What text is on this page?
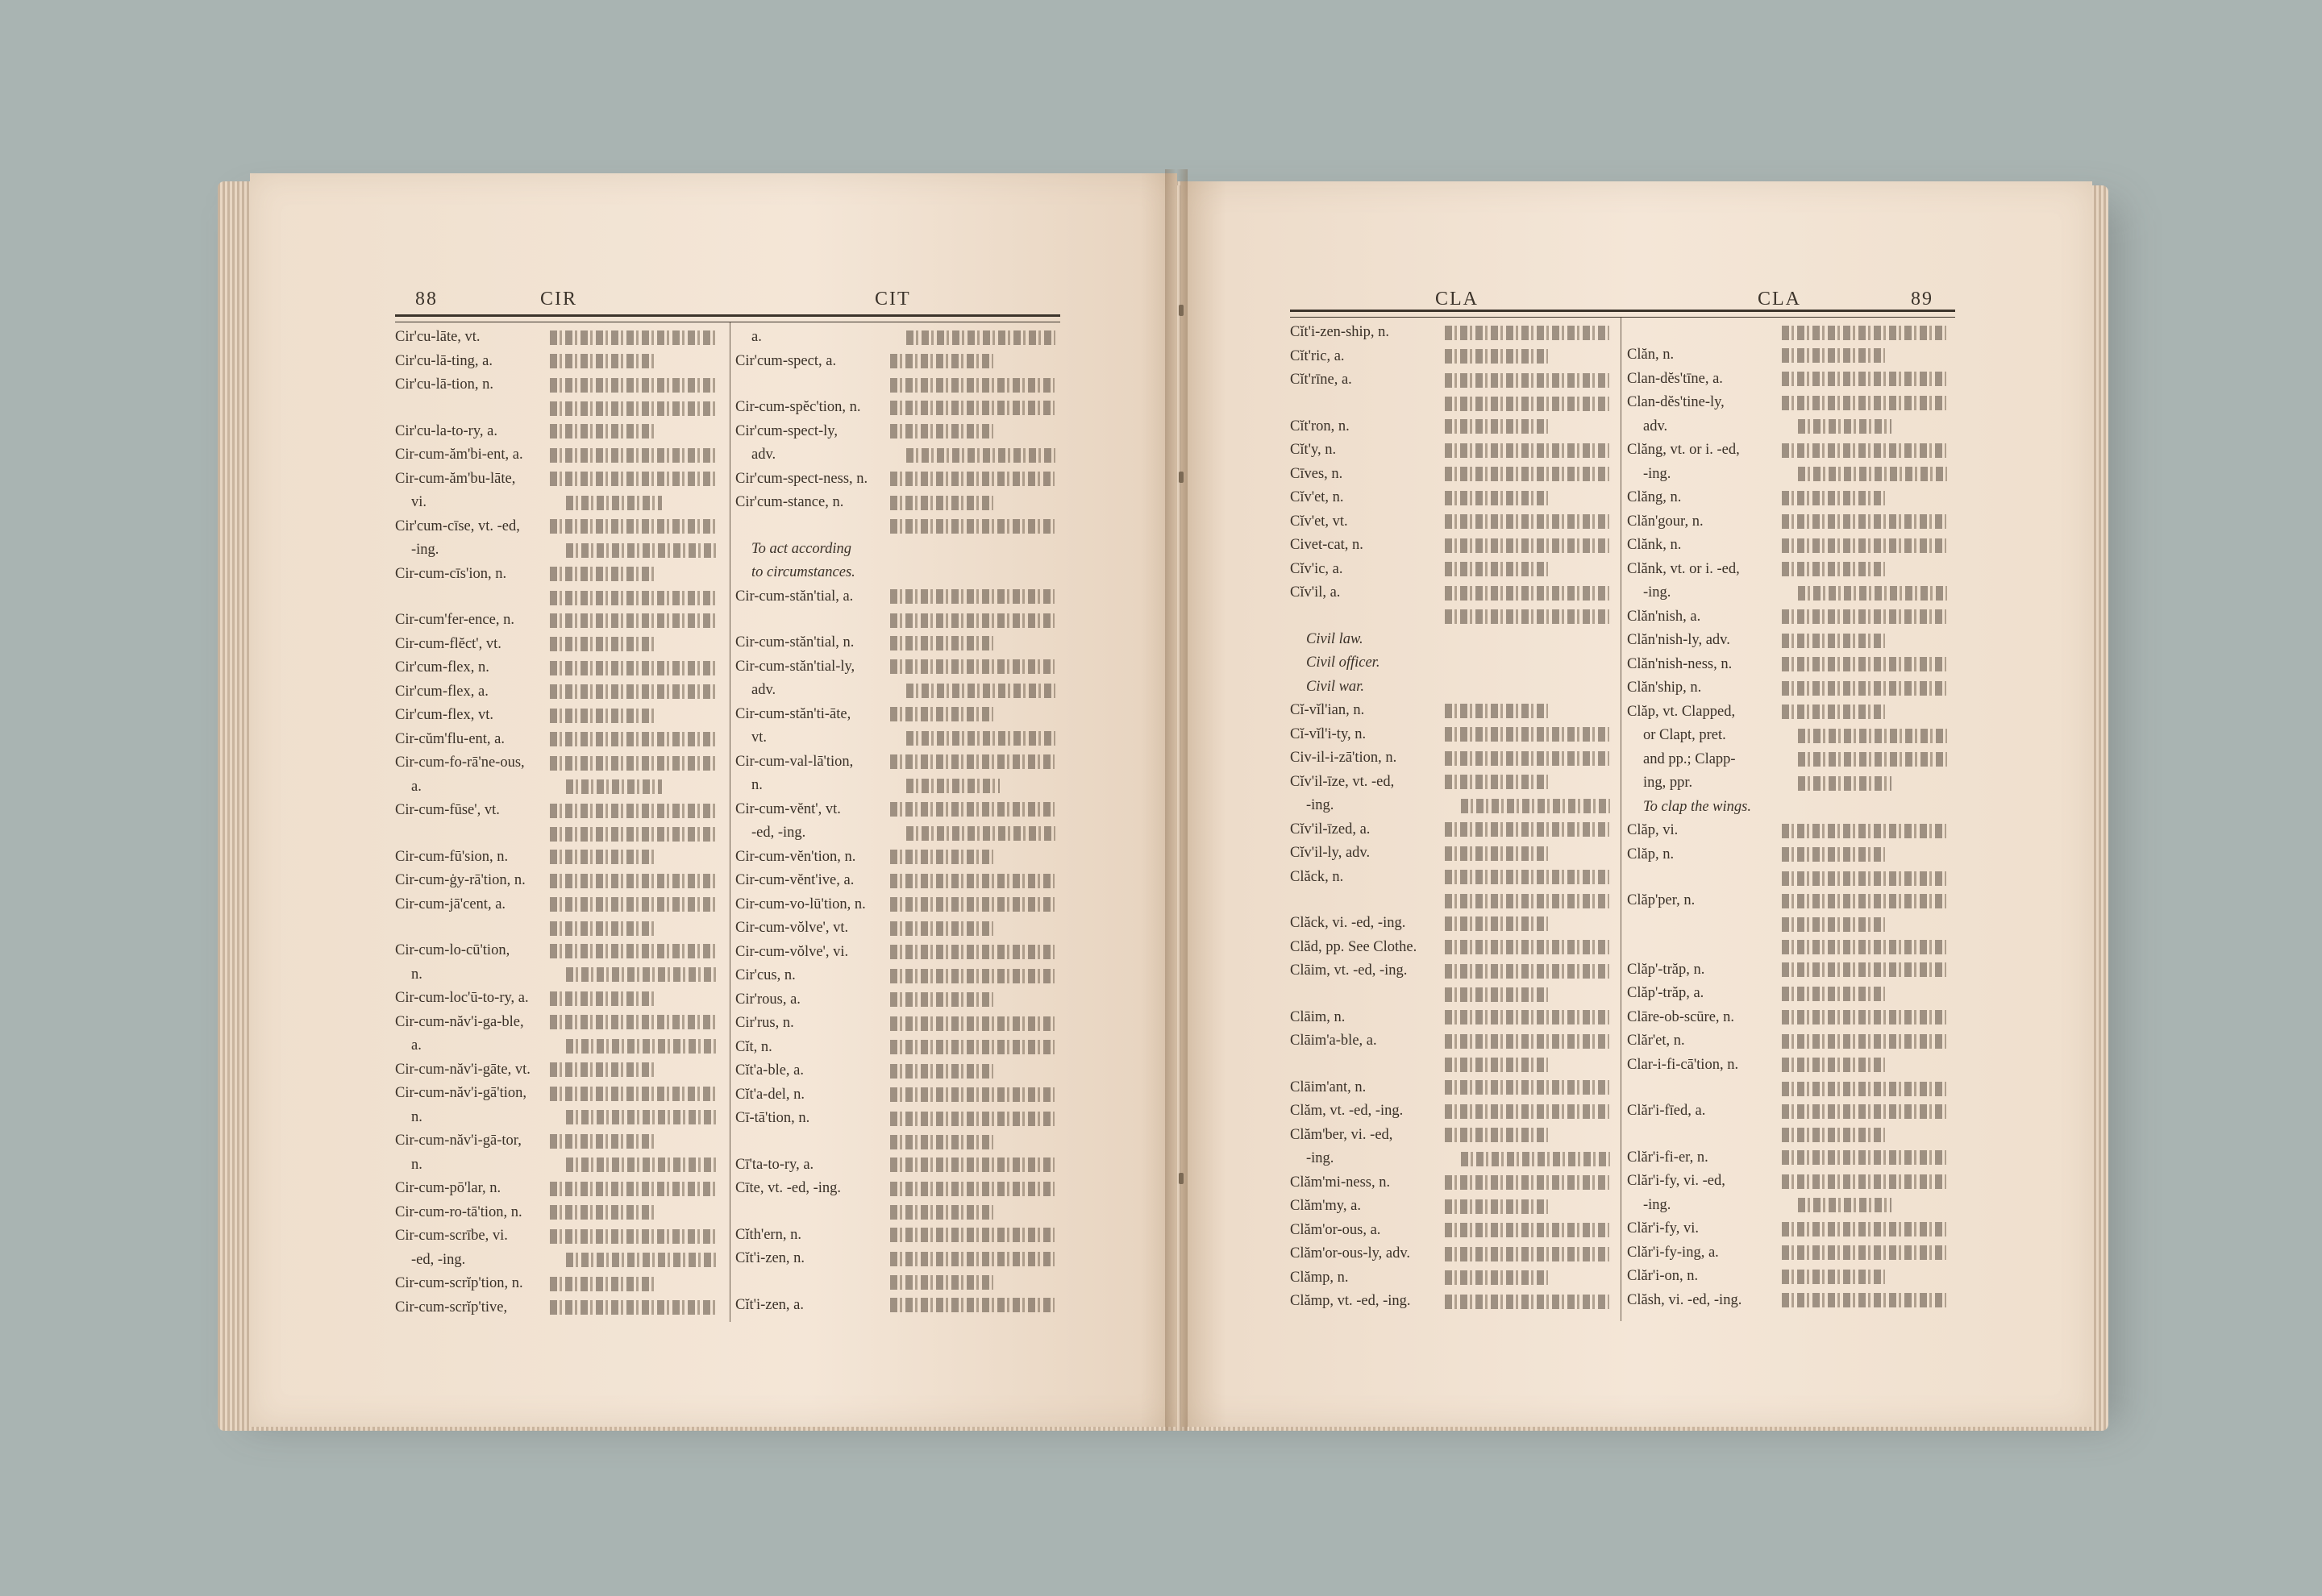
88	CIR	CIT	CLA	CLA	89
Cir'cu-lāte, vt.
Cir'cu-lā-ting, a.
Cir'cu-lā-tion, n.
Cir'cu-la-to-ry, a.
Cir-cum-ăm'bi-ent, a.
Cir-cum-ăm'bu-lāte,
vi.
Cir'cum-cīse, vt. -ed,
-ing.
Cir-cum-cīs'ion, n.
Cir-cum'fer-ence, n.
Cir-cum-flĕct', vt.
Cir'cum-flex, n.
Cir'cum-flex, a.
Cir'cum-flex, vt.
Cir-cŭm'flu-ent, a.
Cir-cum-fo-rā'ne-ous,
a.
Cir-cum-fūse', vt.
Cir-cum-fū'sion, n.
Cir-cum-ġy-rā'tion, n.
Cir-cum-jā'cent, a.
Cir-cum-lo-cū'tion,
n.
Cir-cum-loc'ū-to-ry, a.
Cir-cum-năv'i-ga-ble,
a.
Cir-cum-năv'i-gāte, vt.
Cir-cum-năv'i-gā'tion,
n.
Cir-cum-năv'i-gā-tor,
n.
Cir-cum-pō'lar, n.
Cir-cum-ro-tā'tion, n.
Cir-cum-scrībe, vi.
-ed, -ing.
Cir-cum-scrĭp'tion, n.
Cir-cum-scrĭp'tive,
a.
Cir'cum-spect, a.
Cir-cum-spĕc'tion, n.
Cir'cum-spect-ly,
adv.
Cir'cum-spect-ness, n.
Cir'cum-stance, n.
To act according
to circumstances.
Cir-cum-stăn'tial, a.
Cir-cum-stăn'tial, n.
Cir-cum-stăn'tial-ly,
adv.
Cir-cum-stăn'ti-āte,
vt.
Cir-cum-val-lā'tion,
n.
Cir-cum-vĕnt', vt.
-ed, -ing.
Cir-cum-vĕn'tion, n.
Cir-cum-vĕnt'ive, a.
Cir-cum-vo-lū'tion, n.
Cir-cum-vŏlve', vt.
Cir-cum-vŏlve', vi.
Cir'cus, n.
Cir'rous, a.
Cir'rus, n.
Cĭt, n.
Cĭt'a-ble, a.
Cĭt'a-del, n.
Cī-tā'tion, n.
Cī'ta-to-ry, a.
Cīte, vt. -ed, -ing.
Cĭth'ern, n.
Cĭt'i-zen, n.
Cĭt'i-zen, a.
Cĭt'i-zen-ship, n.
Cĭt'ric, a.
Cĭt'rīne, a.
Cĭt'ron, n.
Cĭt'y, n.
Cīves, n.
Cĭv'et, n.
Cĭv'et, vt.
Civet-cat, n.
Cĭv'ic, a.
Cĭv'il, a.
Civil law.
Civil officer.
Civil war.
Cĭ-vĭl'ian, n.
Cĭ-vĭl'i-ty, n.
Civ-il-i-zā'tion, n.
Cĭv'il-īze, vt. -ed,
-ing.
Cĭv'il-īzed, a.
Cĭv'il-ly, adv.
Clăck, n.
Clăck, vi. -ed, -ing.
Clăd, pp. See Clothe.
Clāim, vt. -ed, -ing.
Clāim, n.
Clāim'a-ble, a.
Clāim'ant, n.
Clăm, vt. -ed, -ing.
Clăm'ber, vi. -ed,
-ing.
Clăm'mi-ness, n.
Clăm'my, a.
Clăm'or-ous, a.
Clăm'or-ous-ly, adv.
Clămp, n.
Clămp, vt. -ed, -ing.
Clăn, n.
Clan-dĕs'tīne, a.
Clan-dĕs'tine-ly,
adv.
Clăng, vt. or i. -ed,
-ing.
Clăng, n.
Clăn'gour, n.
Clănk, n.
Clănk, vt. or i. -ed,
-ing.
Clăn'nish, a.
Clăn'nish-ly, adv.
Clăn'nish-ness, n.
Clăn'ship, n.
Clăp, vt. Clapped,
or Clapt, pret.
and pp.; Clapp-
ing, ppr.
To clap the wings.
Clăp, vi.
Clăp, n.
Clăp'per, n.
Clăp'-trăp, n.
Clăp'-trăp, a.
Clāre-ob-scūre, n.
Clăr'et, n.
Clar-i-fi-cā'tion, n.
Clăr'i-fīed, a.
Clăr'i-fi-er, n.
Clăr'i-fy, vi. -ed,
-ing.
Clăr'i-fy, vi.
Clăr'i-fy-ing, a.
Clăr'i-on, n.
Clăsh, vi. -ed, -ing.
